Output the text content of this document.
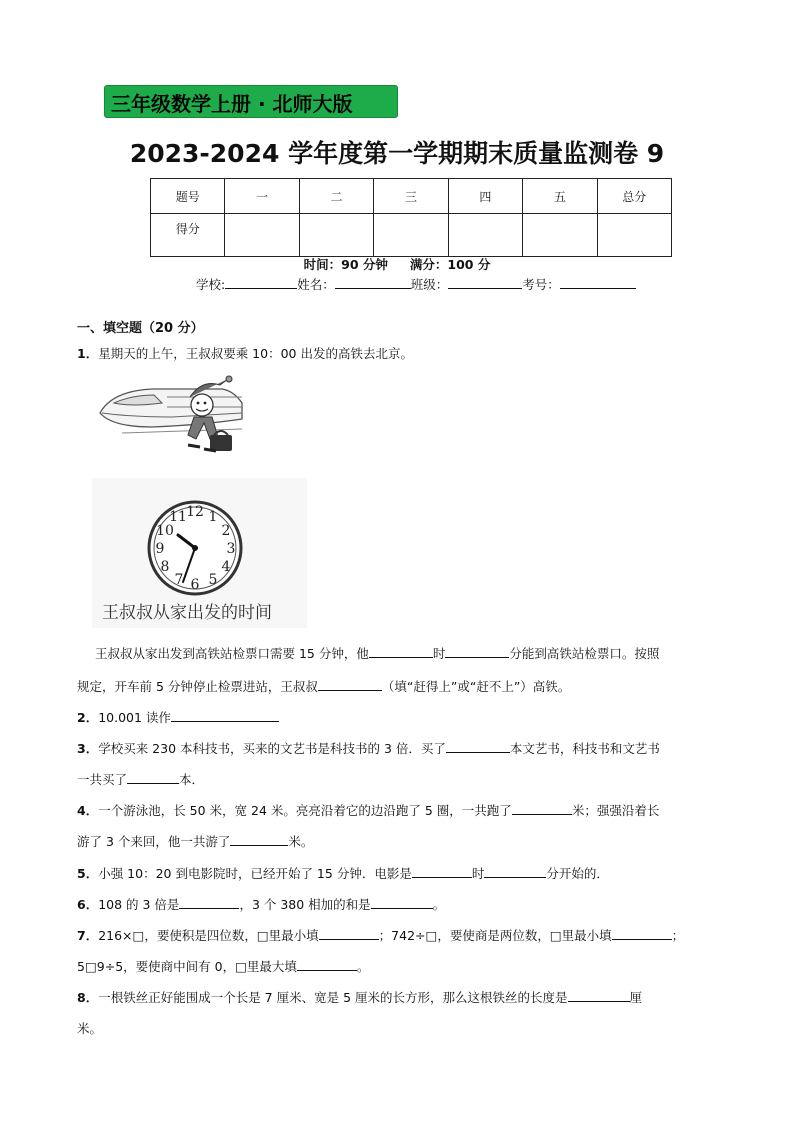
三年级数学上册 · 北师大版
2023-2024 学年度第一学期期末质量监测卷 9
题号	一	二	三	四	五	总分
得分						
时间：90 分钟 满分：100 分
学校:	姓名：	班级：	考号：
一、填空题（20 分）
1．星期天的上午，王叔叔要乘 10：00 出发的高铁去北京。
12 1
2
3
4
5
6
7
8
9
10
11
王叔叔从家出发的时间
王叔叔从家出发到高铁站检票口需要 15 分钟，他	时	分能到高铁站检票口。按照
规定，开车前 5 分钟停止检票进站，王叔叔	（填“赶得上”或“赶不上”）高铁。
2．10.001 读作
3．学校买来 230 本科技书，买来的文艺书是科技书的 3 倍．买了	本文艺书，科技书和文艺书
一共买了	本．
4．一个游泳池，长 50 米，宽 24 米。亮亮沿着它的边沿跑了 5 圈，一共跑了	米；强强沿着长
游了 3 个来回，他一共游了	米。
5．小强 10：20 到电影院时，已经开始了 15 分钟．电影是	时	分开始的．
6．108 的 3 倍是	，3 个 380 相加的和是	。
7．216×□，要使积是四位数，□里最小填	；742÷□，要使商是两位数，□里最小填	；
5□9÷5，要使商中间有 0，□里最大填	。
8．一根铁丝正好能围成一个长是 7 厘米、宽是 5 厘米的长方形，那么这根铁丝的长度是	厘
米。
